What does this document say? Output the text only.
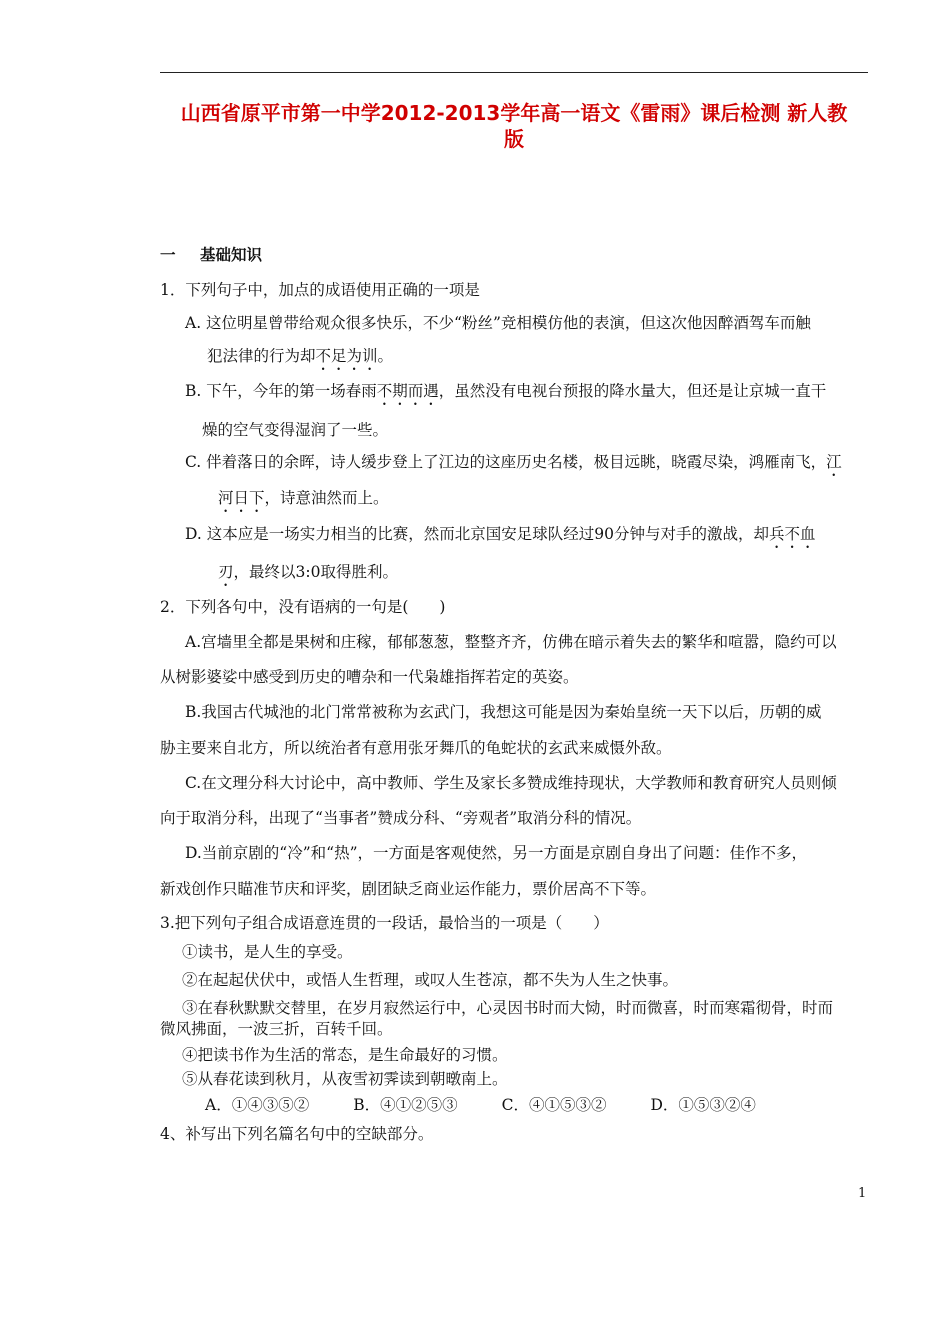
山西省原平市第一中学2012-2013学年高一语文《雷雨》课后检测 新人教
版
一 基础知识
1．下列句子中，加点的成语使用正确的一项是
A. 这位明星曾带给观众很多快乐，不少“粉丝”竞相模仿他的表演，但这次他因醉酒驾车而触
犯法律的行为却不足为训。
B. 下午，今年的第一场春雨不期而遇，虽然没有电视台预报的降水量大，但还是让京城一直干
燥的空气变得湿润了一些。
C. 伴着落日的余晖，诗人缓步登上了江边的这座历史名楼，极目远眺，晓霞尽染，鸿雁南飞，江
河日下，诗意油然而上。
D. 这本应是一场实力相当的比赛，然而北京国安足球队经过90分钟与对手的激战，却兵不血
刃，最终以3:0取得胜利。
2．下列各句中，没有语病的一句是(　　)
A.宫墙里全都是果树和庄稼，郁郁葱葱，整整齐齐，仿佛在暗示着失去的繁华和喧嚣，隐约可以
从树影婆娑中感受到历史的嘈杂和一代枭雄指挥若定的英姿。
B.我国古代城池的北门常常被称为玄武门，我想这可能是因为秦始皇统一天下以后，历朝的威
胁主要来自北方，所以统治者有意用张牙舞爪的龟蛇状的玄武来威慑外敌。
C.在文理分科大讨论中，高中教师、学生及家长多赞成维持现状，大学教师和教育研究人员则倾
向于取消分科，出现了“当事者”赞成分科、“旁观者”取消分科的情况。
D.当前京剧的“冷”和“热”，一方面是客观使然，另一方面是京剧自身出了问题：佳作不多，
新戏创作只瞄准节庆和评奖，剧团缺乏商业运作能力，票价居高不下等。
3.把下列句子组合成语意连贯的一段话，最恰当的一项是（　　）
①读书，是人生的享受。
②在起起伏伏中，或悟人生哲理，或叹人生苍凉，都不失为人生之快事。
③在春秋默默交替里，在岁月寂然运行中，心灵因书时而大恸，时而微喜，时而寒霜彻骨，时而
微风拂面，一波三折，百转千回。
④把读书作为生活的常态，是生命最好的习惯。
⑤从春花读到秋月，从夜雪初霁读到朝暾南上。
A．①④③⑤②	B．④①②⑤③	C．④①⑤③②	D．①⑤③②④
4、补写出下列名篇名句中的空缺部分。
1
